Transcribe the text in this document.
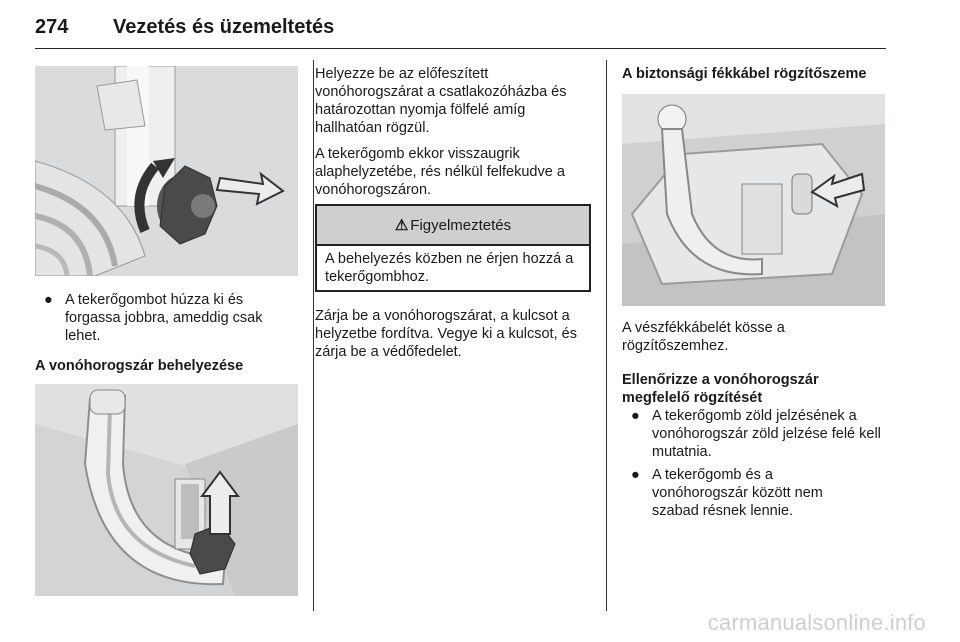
274 Vezetés és üzemeltetés
● A tekerőgombot húzza ki és forgassa jobbra, ameddig csak lehet.
A vonóhorogszár behelyezése
Helyezze be az előfeszített vonóhorogszárat a csatlakozóházba és határozottan nyomja fölfelé amíg hallhatóan rögzül.
A tekerőgomb ekkor visszaugrik alaphelyzetébe, rés nélkül felfekudve a vonóhorogszáron.
⚠ Figyelmeztetés
A behelyezés közben ne érjen hozzá a tekerőgombhoz.
Zárja be a vonóhorogszárat, a kulcsot a helyzetbe fordítva. Vegye ki a kulcsot, és zárja be a védőfedelet.
A biztonsági fékkábel rögzítőszeme
A vészfékkábelét kösse a rögzítőszemhez.
Ellenőrizze a vonóhorogszár megfelelő rögzítését
● A tekerőgomb zöld jelzésének a vonóhorogszár zöld jelzése felé kell mutatnia.
● A tekerőgomb és a vonóhorogszár között nem szabad résnek lennie.
carmanualsonline.info
